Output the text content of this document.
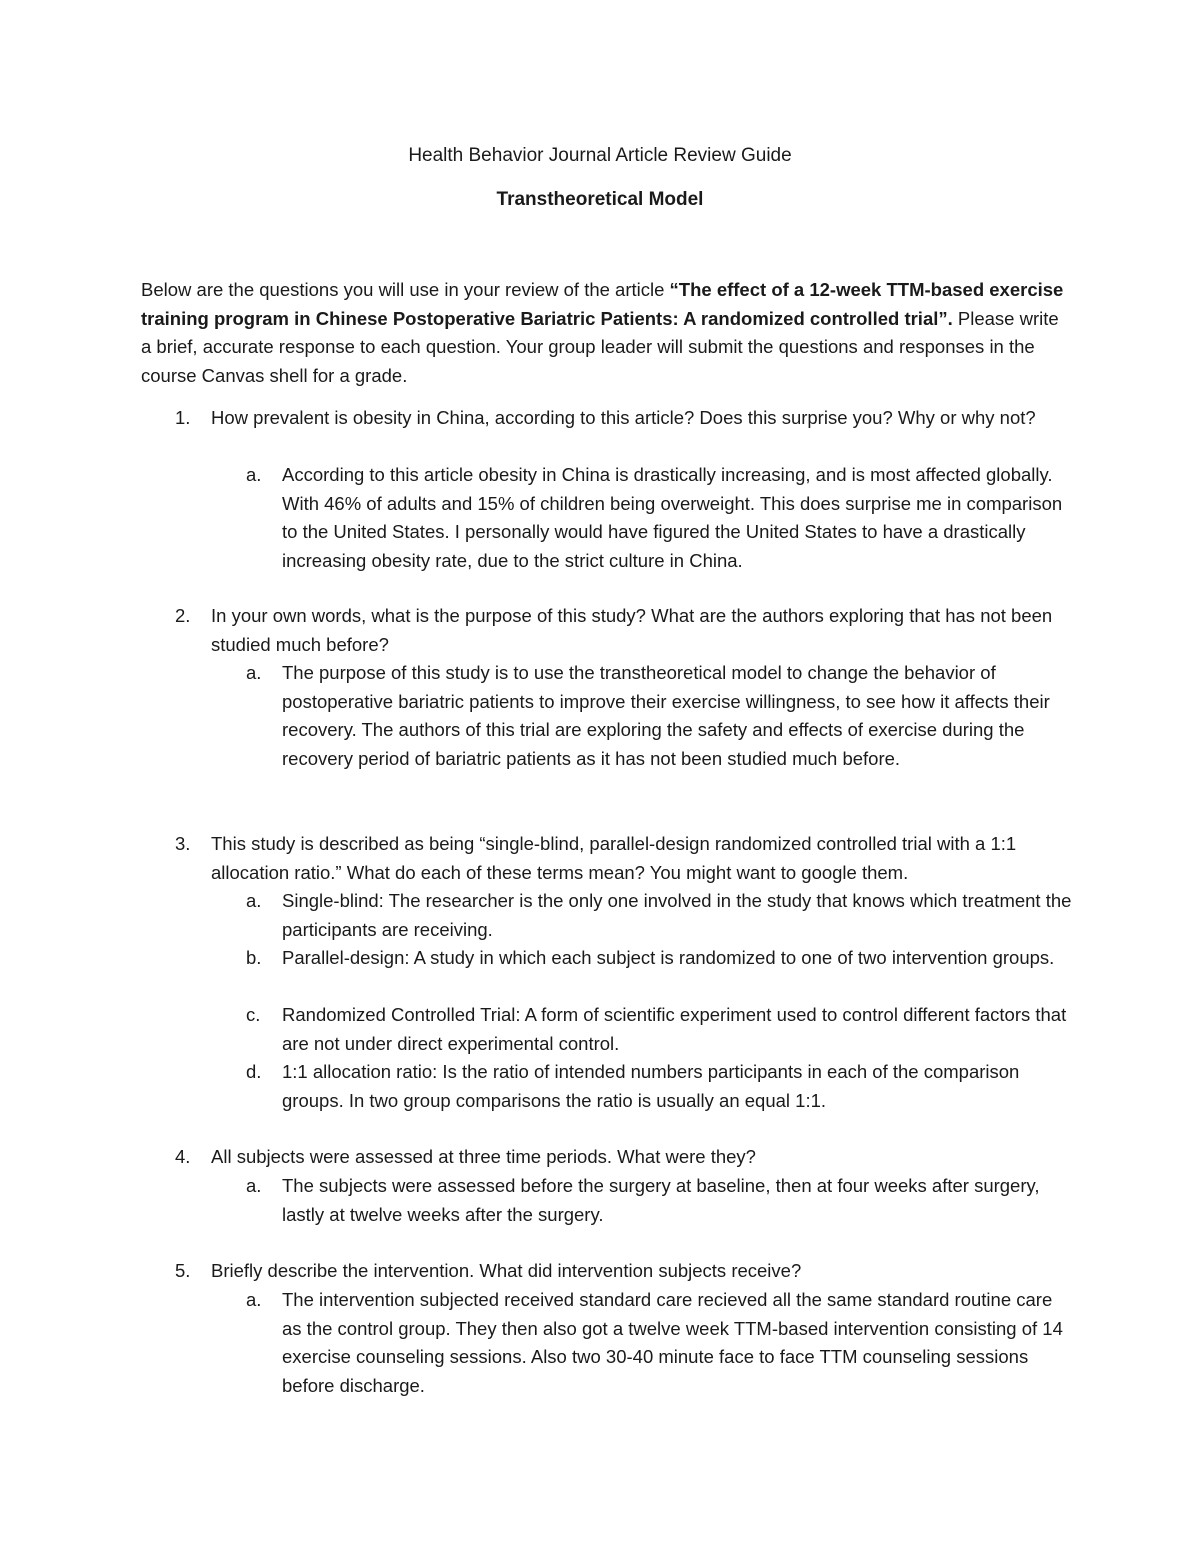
Health Behavior Journal Article Review Guide
Transtheoretical Model
Below are the questions you will use in your review of the article “The effect of a 12-week TTM-based exercise training program in Chinese Postoperative Bariatric Patients: A randomized controlled trial”. Please write a brief, accurate response to each question. Your group leader will submit the questions and responses in the course Canvas shell for a grade.
1. How prevalent is obesity in China, according to this article? Does this surprise you? Why or why not?
a. According to this article obesity in China is drastically increasing, and is most affected globally. With 46% of adults and 15% of children being overweight. This does surprise me in comparison to the United States. I personally would have figured the United States to have a drastically increasing obesity rate, due to the strict culture in China.
2. In your own words, what is the purpose of this study? What are the authors exploring that has not been studied much before?
a. The purpose of this study is to use the transtheoretical model to change the behavior of postoperative bariatric patients to improve their exercise willingness, to see how it affects their recovery. The authors of this trial are exploring the safety and effects of exercise during the recovery period of bariatric patients as it has not been studied much before.
3. This study is described as being “single-blind, parallel-design randomized controlled trial with a 1:1 allocation ratio.” What do each of these terms mean? You might want to google them.
a. Single-blind: The researcher is the only one involved in the study that knows which treatment the participants are receiving.
b. Parallel-design: A study in which each subject is randomized to one of two intervention groups.
c. Randomized Controlled Trial: A form of scientific experiment used to control different factors that are not under direct experimental control.
d. 1:1 allocation ratio: Is the ratio of intended numbers participants in each of the comparison groups. In two group comparisons the ratio is usually an equal 1:1.
4. All subjects were assessed at three time periods. What were they?
a. The subjects were assessed before the surgery at baseline, then at four weeks after surgery, lastly at twelve weeks after the surgery.
5. Briefly describe the intervention. What did intervention subjects receive?
a. The intervention subjected received standard care recieved all the same standard routine care as the control group. They then also got a twelve week TTM-based intervention consisting of 14 exercise counseling sessions. Also two 30-40 minute face to face TTM counseling sessions before discharge.
